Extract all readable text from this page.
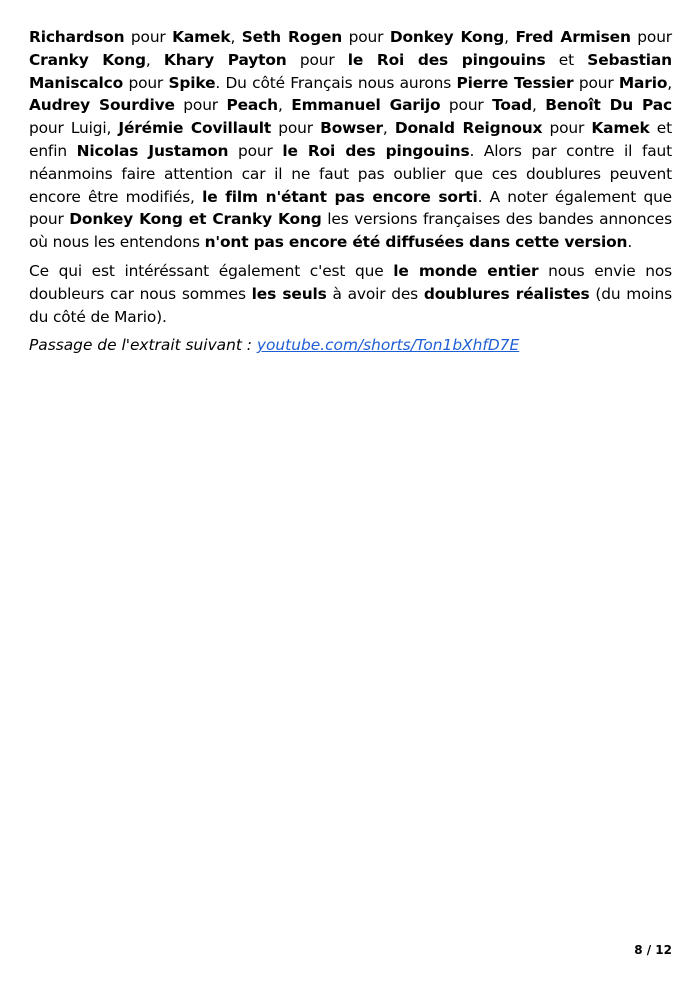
Richardson pour Kamek, Seth Rogen pour Donkey Kong, Fred Armisen pour Cranky Kong, Khary Payton pour le Roi des pingouins et Sebastian Maniscalco pour Spike. Du côté Français nous aurons Pierre Tessier pour Mario, Audrey Sourdive pour Peach, Emmanuel Garijo pour Toad, Benoît Du Pac pour Luigi, Jérémie Covillault pour Bowser, Donald Reignoux pour Kamek et enfin Nicolas Justamon pour le Roi des pingouins. Alors par contre il faut néanmoins faire attention car il ne faut pas oublier que ces doublures peuvent encore être modifiés, le film n'étant pas encore sorti. A noter également que pour Donkey Kong et Cranky Kong les versions françaises des bandes annonces où nous les entendons n'ont pas encore été diffusées dans cette version.

Ce qui est intéréssant également c'est que le monde entier nous envie nos doubleurs car nous sommes les seuls à avoir des doublures réalistes (du moins du côté de Mario).

Passage de l'extrait suivant : youtube.com/shorts/Ton1bXhfD7E

8 / 12
